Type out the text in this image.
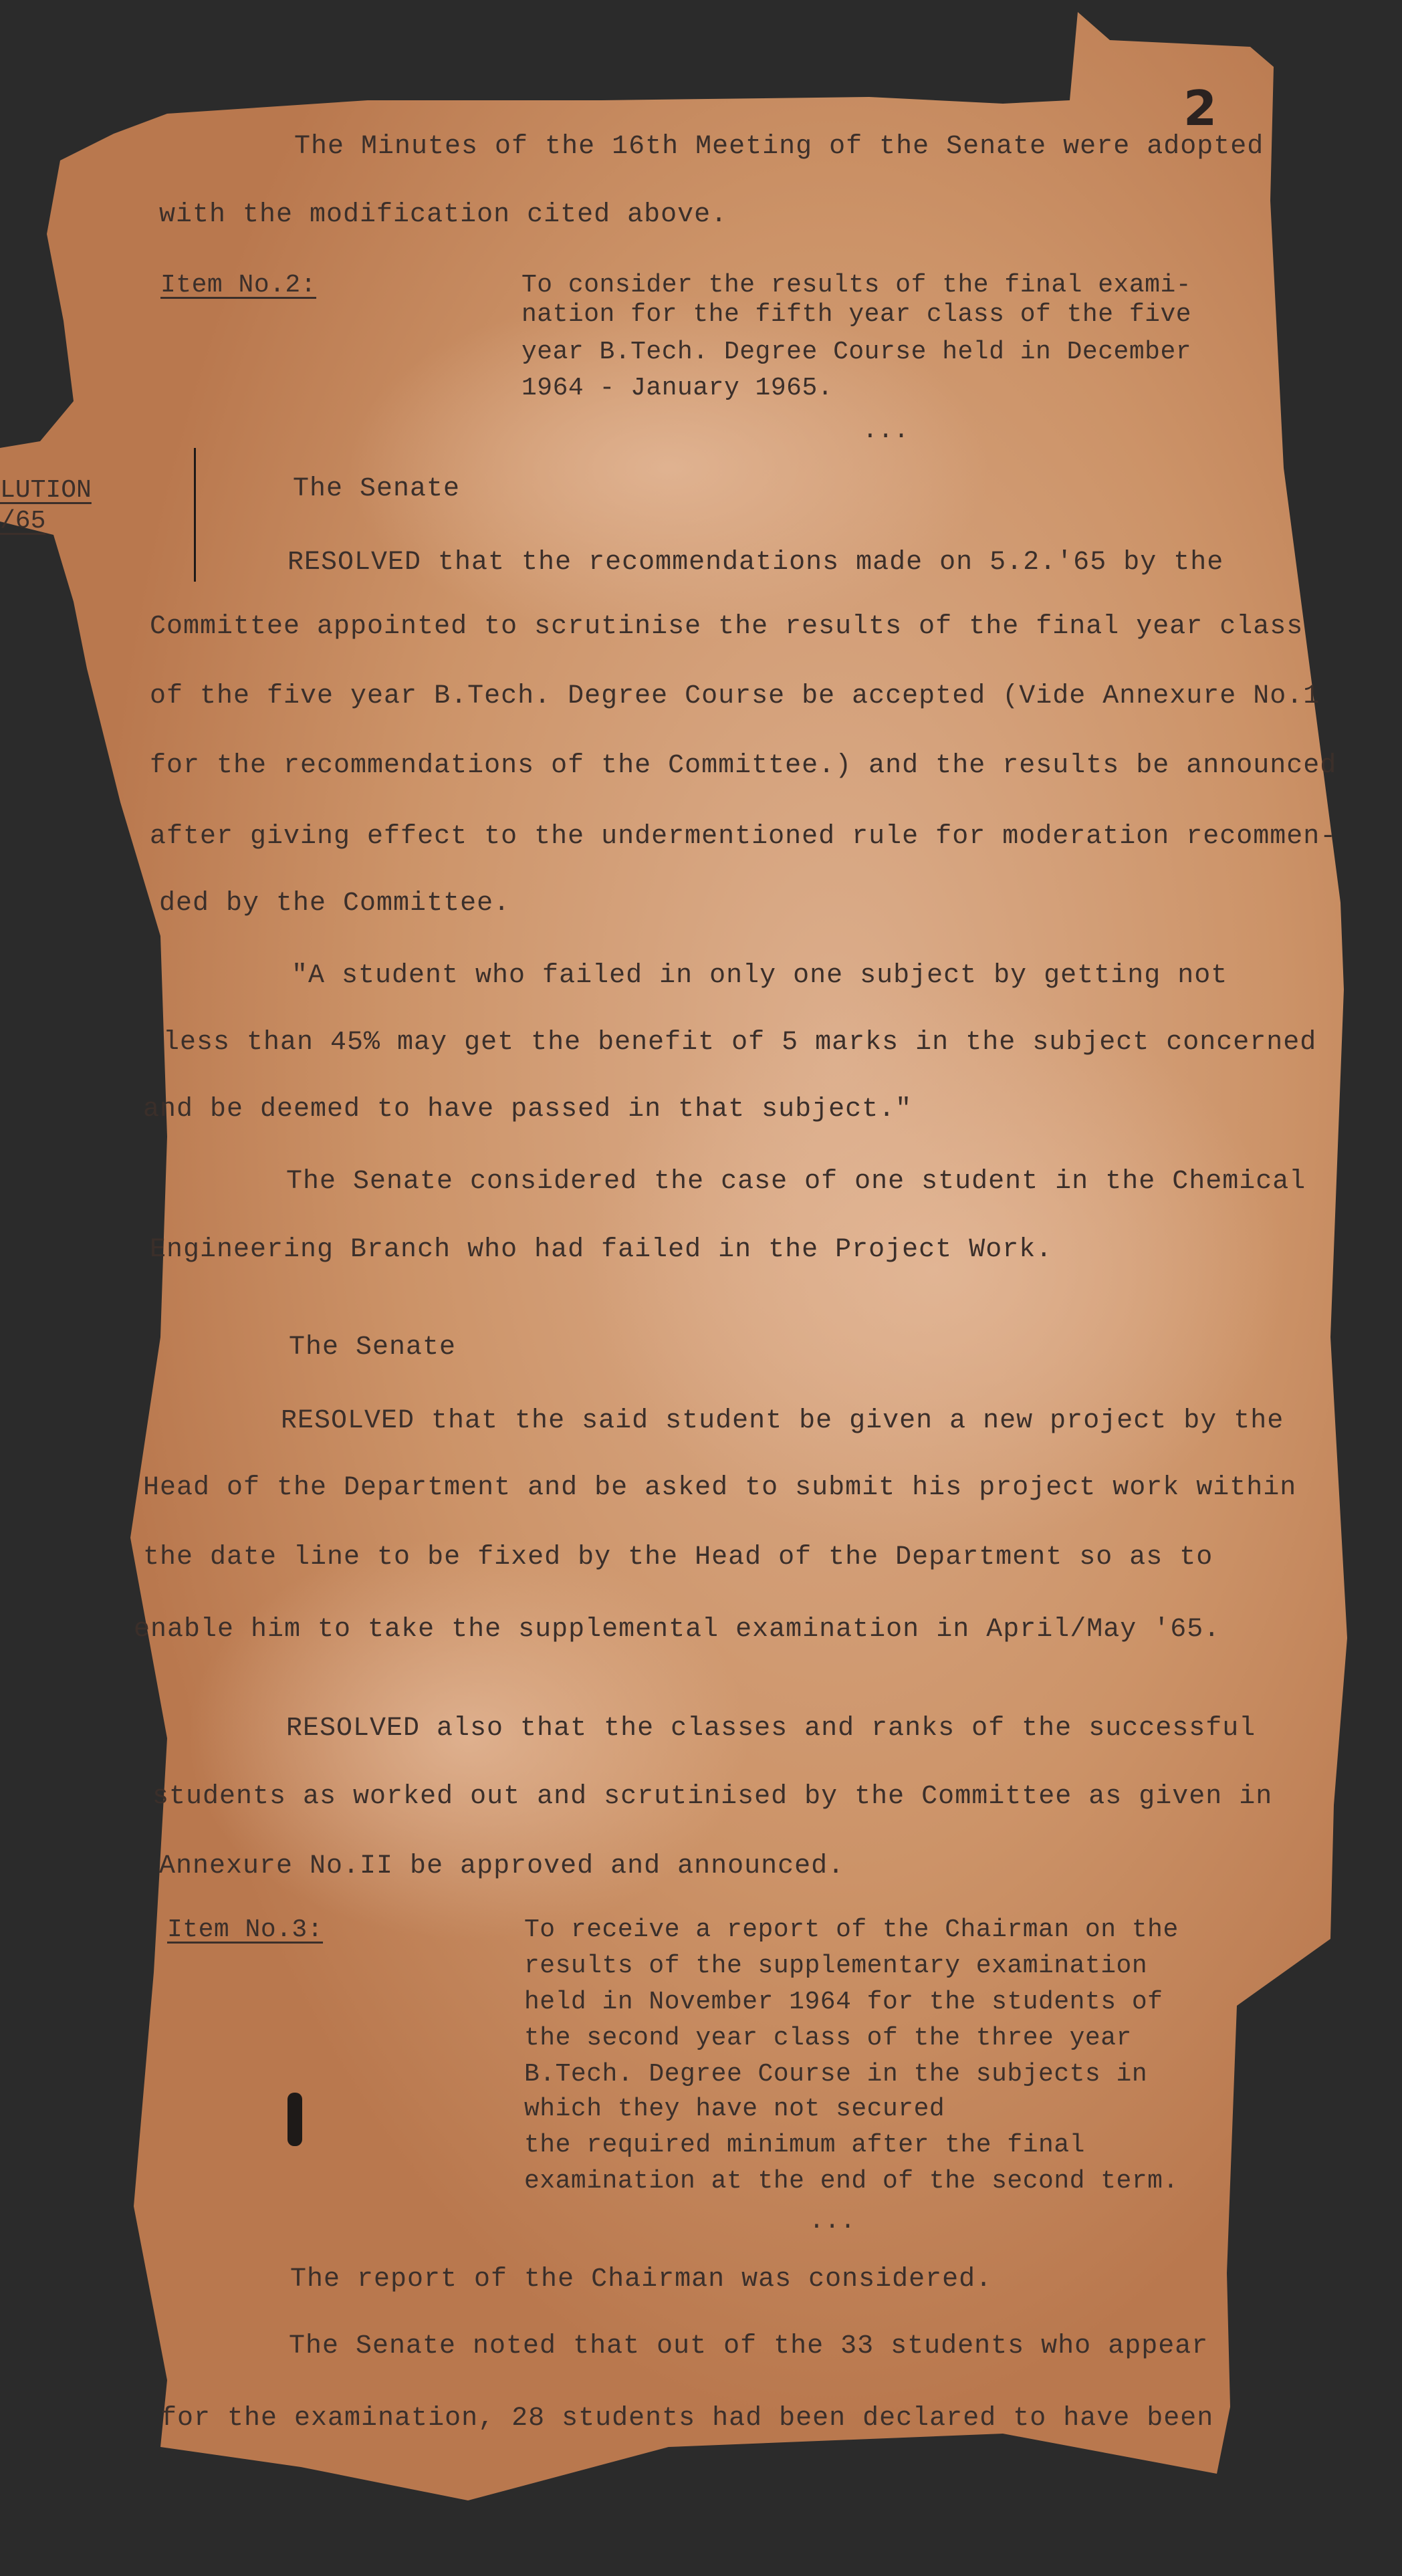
2
LUTION
/65
The Minutes of the 16th Meeting of the Senate were adopted
with the modification cited above.
Item No.2:	To consider the results of the final exami-
nation for the fifth year class of the five
year B.Tech. Degree Course held in December
1964 - January 1965.
...
The Senate
RESOLVED that the recommendations made on 5.2.'65 by the
Committee appointed to scrutinise the results of the final year class
of the five year B.Tech. Degree Course be accepted (Vide Annexure No.1
for the recommendations of the Committee.) and the results be announced
after giving effect to the undermentioned rule for moderation recommen-
ded by the Committee.
"A student who failed in only one subject by getting not
less than 45% may get the benefit of 5 marks in the subject concerned
and be deemed to have passed in that subject."
The Senate considered the case of one student in the Chemical
Engineering Branch who had failed in the Project Work.
The Senate
RESOLVED that the said student be given a new project by the
Head of the Department and be asked to submit his project work within
the date line to be fixed by the Head of the Department so as to
enable him to take the supplemental examination in April/May '65.
RESOLVED also that the classes and ranks of the successful
students as worked out and scrutinised by the Committee as given in
Annexure No.II be approved and announced.
Item No.3:	To receive a report of the Chairman on the
results of the supplementary examination
held in November 1964 for the students of
the second year class of the three year
B.Tech. Degree Course in the subjects in
which they have not secured
the required minimum after the final
examination at the end of the second term.
...
The report of the Chairman was considered.
The Senate noted that out of the 33 students who appear
for the examination, 28 students had been declared to have been
